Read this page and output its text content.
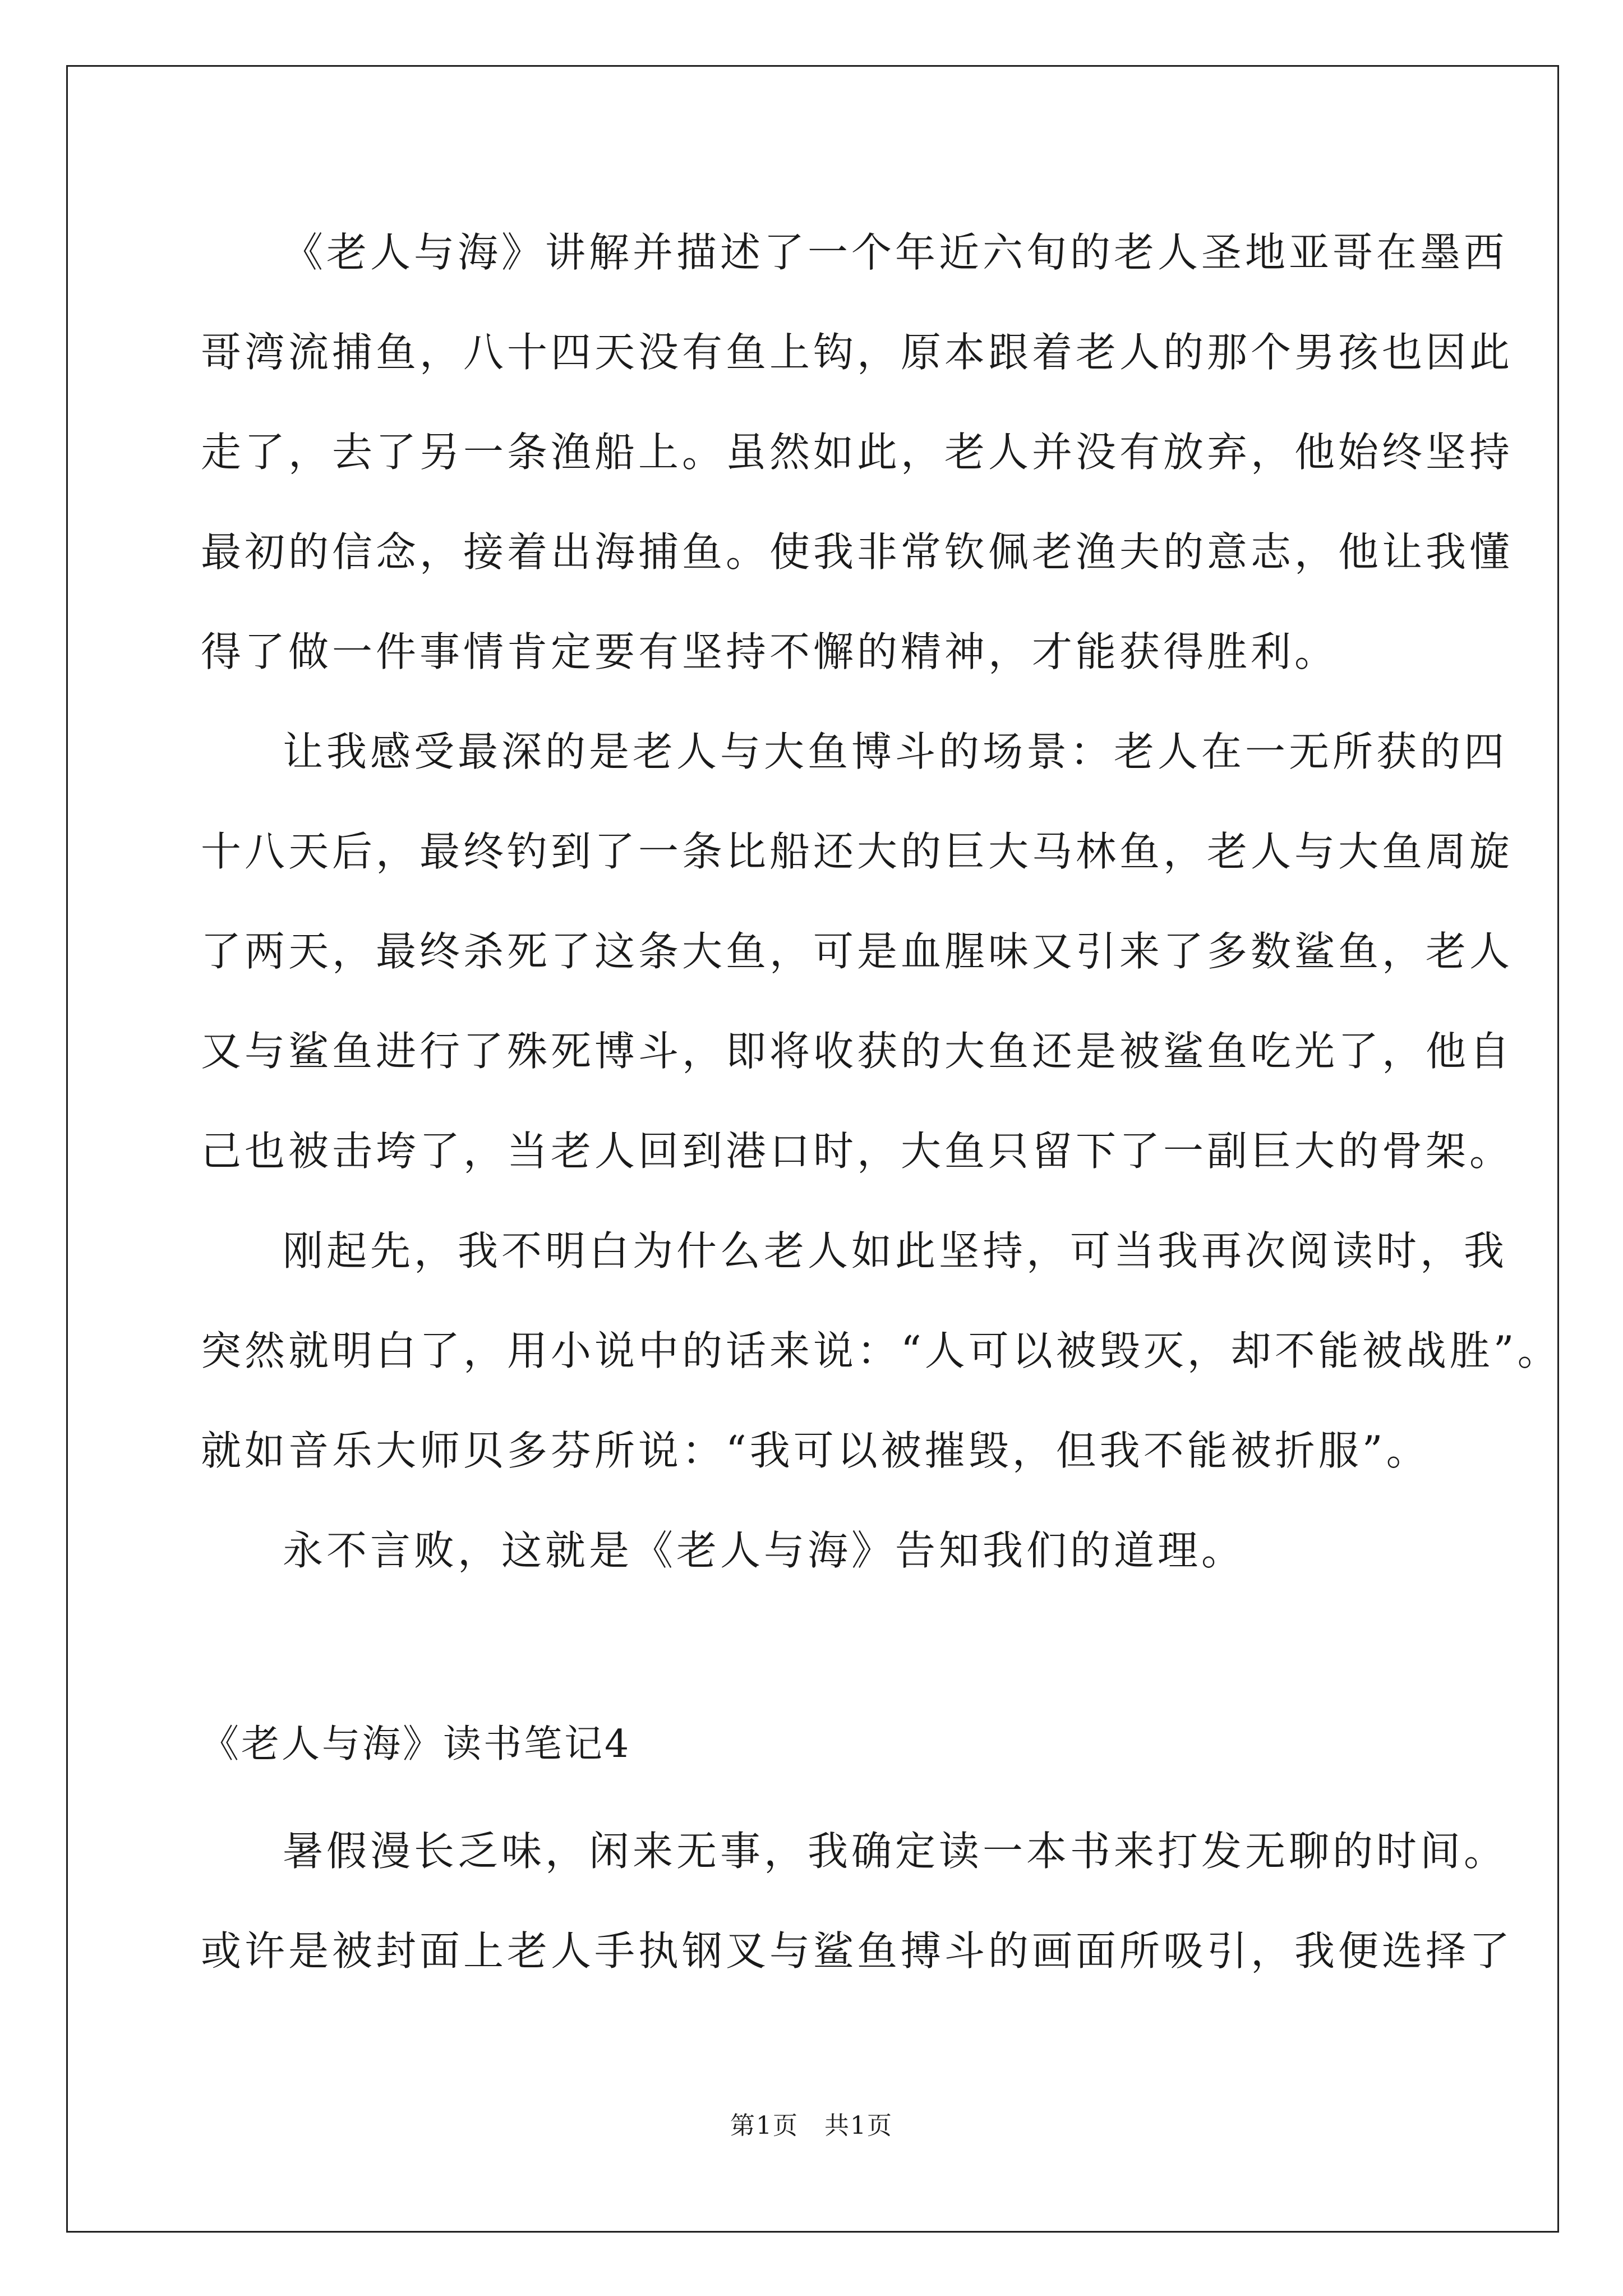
《老人与海》讲解并描述了一个年近六旬的老人圣地亚哥在墨西
哥湾流捕鱼，八十四天没有鱼上钩，原本跟着老人的那个男孩也因此
走了，去了另一条渔船上。虽然如此，老人并没有放弃，他始终坚持
最初的信念，接着出海捕鱼。使我非常钦佩老渔夫的意志，他让我懂
得了做一件事情肯定要有坚持不懈的精神，才能获得胜利。
让我感受最深的是老人与大鱼博斗的场景：老人在一无所获的四
十八天后，最终钓到了一条比船还大的巨大马林鱼，老人与大鱼周旋
了两天，最终杀死了这条大鱼，可是血腥味又引来了多数鲨鱼，老人
又与鲨鱼进行了殊死博斗，即将收获的大鱼还是被鲨鱼吃光了，他自
己也被击垮了，当老人回到港口时，大鱼只留下了一副巨大的骨架。
刚起先，我不明白为什么老人如此坚持，可当我再次阅读时，我
突然就明白了，用小说中的话来说：“人可以被毁灭，却不能被战胜”。
就如音乐大师贝多芬所说：“我可以被摧毁，但我不能被折服”。
永不言败，这就是《老人与海》告知我们的道理。
《老人与海》读书笔记4
暑假漫长乏味，闲来无事，我确定读一本书来打发无聊的时间。
或许是被封面上老人手执钢叉与鲨鱼搏斗的画面所吸引，我便选择了
第1页　共1页
